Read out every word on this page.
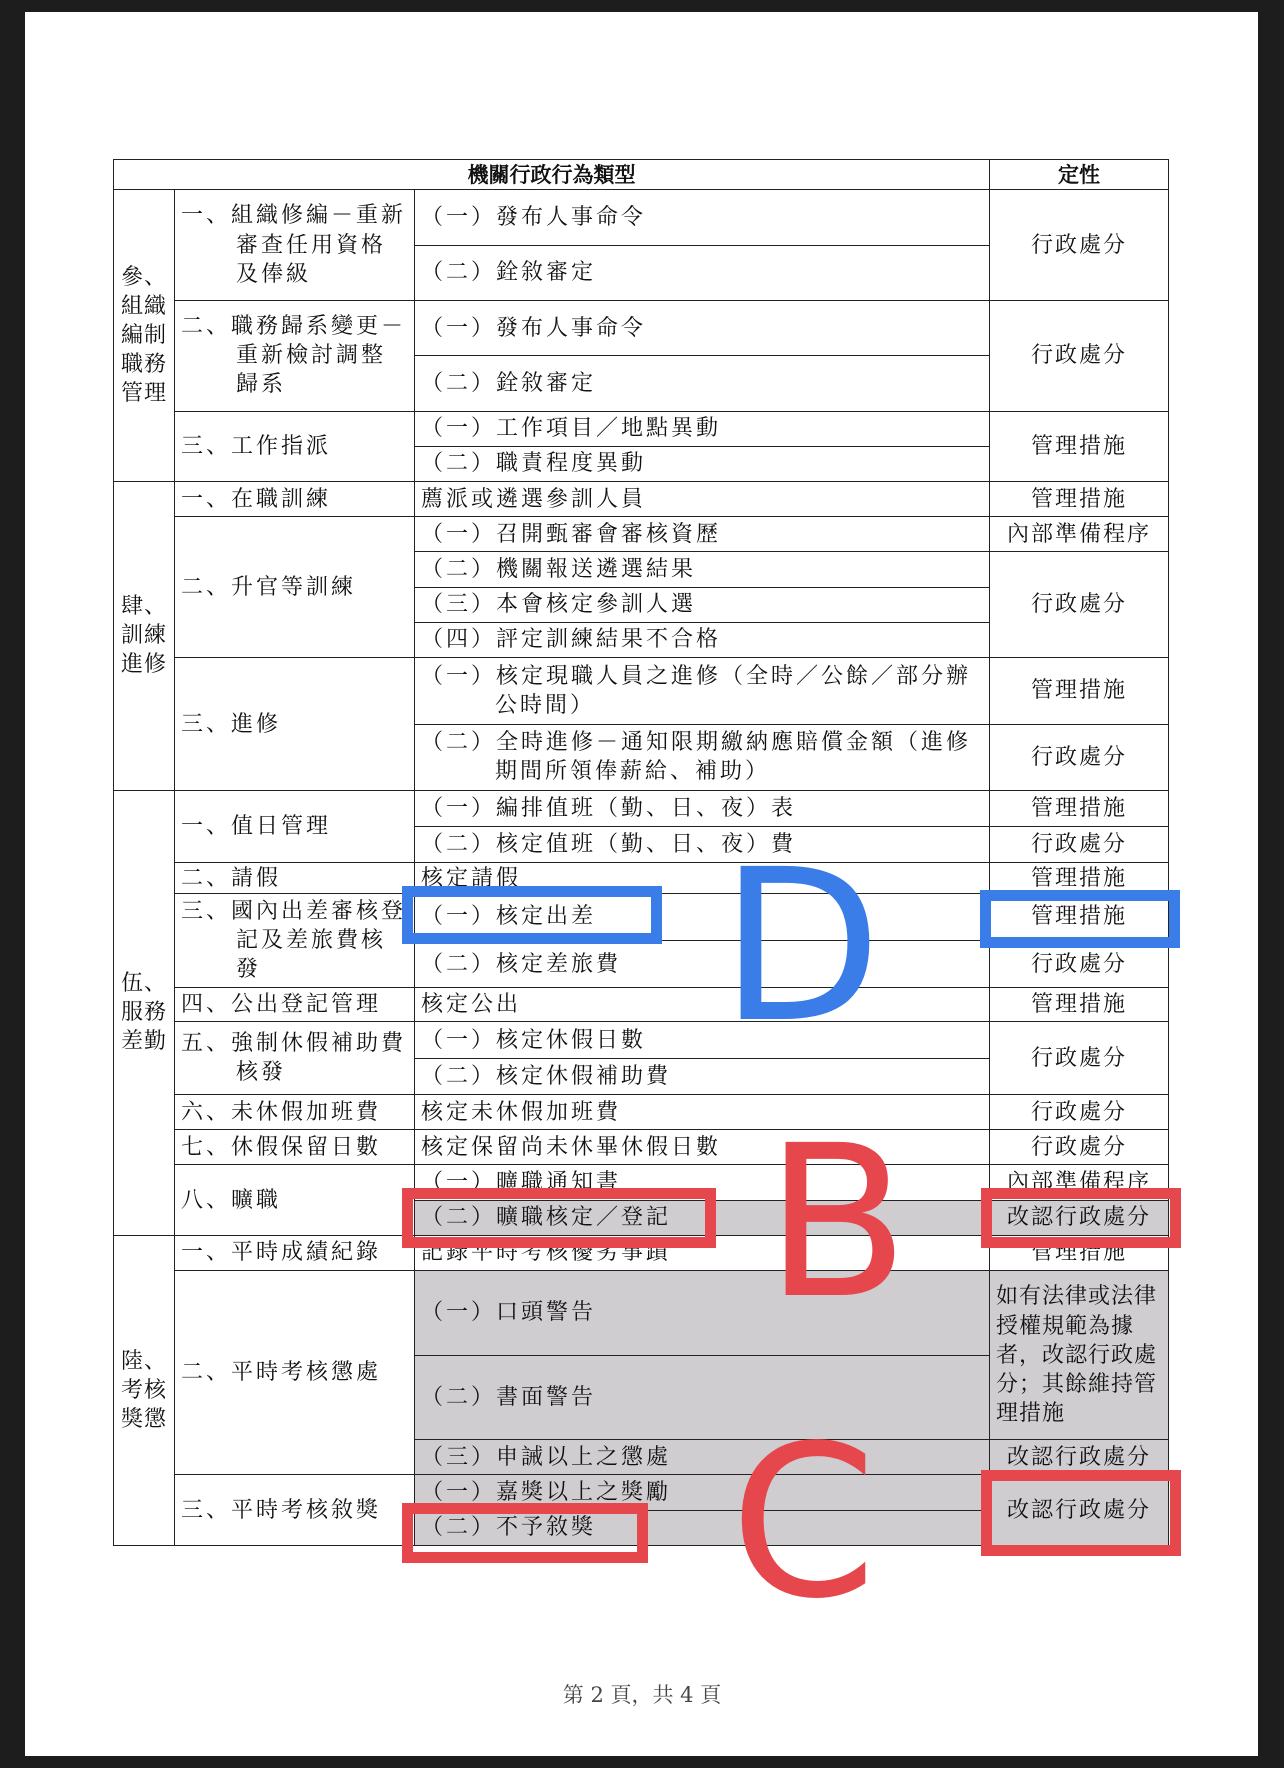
機關行政行為類型			定性
參、組織編制職務管理	一、組織修編－重新審查任用資格及俸級	（一）發布人事命令	行政處分
		（二）銓敘審定	
	二、職務歸系變更－重新檢討調整歸系	（一）發布人事命令	行政處分
		（二）銓敘審定	
	三、工作指派	（一）工作項目／地點異動	管理措施
		（二）職責程度異動	
肆、訓練進修	一、在職訓練	薦派或遴選參訓人員	管理措施
	二、升官等訓練	（一）召開甄審會審核資歷	內部準備程序
		（二）機關報送遴選結果	行政處分
		（三）本會核定參訓人選	
		（四）評定訓練結果不合格	
	三、進修	（一）核定現職人員之進修（全時／公餘／部分辦公時間）	管理措施
		（二）全時進修－通知限期繳納應賠償金額（進修期間所領俸薪給、補助）	行政處分
伍、服務差勤	一、值日管理	（一）編排值班（勤、日、夜）表	管理措施
		（二）核定值班（勤、日、夜）費	行政處分
	二、請假	核定請假	管理措施
	三、國內出差審核登記及差旅費核發	（一）核定出差	管理措施
		（二）核定差旅費	行政處分
	四、公出登記管理	核定公出	管理措施
	五、強制休假補助費核發	（一）核定休假日數	行政處分
		（二）核定休假補助費	
	六、未休假加班費	核定未休假加班費	行政處分
	七、休假保留日數	核定保留尚未休畢休假日數	行政處分
	八、曠職	（一）曠職通知書	內部準備程序
		（二）曠職核定／登記	改認行政處分
陸、考核獎懲	一、平時成績紀錄	記錄平時考核優劣事蹟	管理措施
	二、平時考核懲處	（一）口頭警告	如有法律或法律授權規範為據者，改認行政處分；其餘維持管理措施
		（二）書面警告	
		（三）申誡以上之懲處	改認行政處分
	三、平時考核敘獎	（一）嘉獎以上之獎勵	改認行政處分
		（二）不予敘獎	
第 2 頁，共 4 頁
D
B
C
